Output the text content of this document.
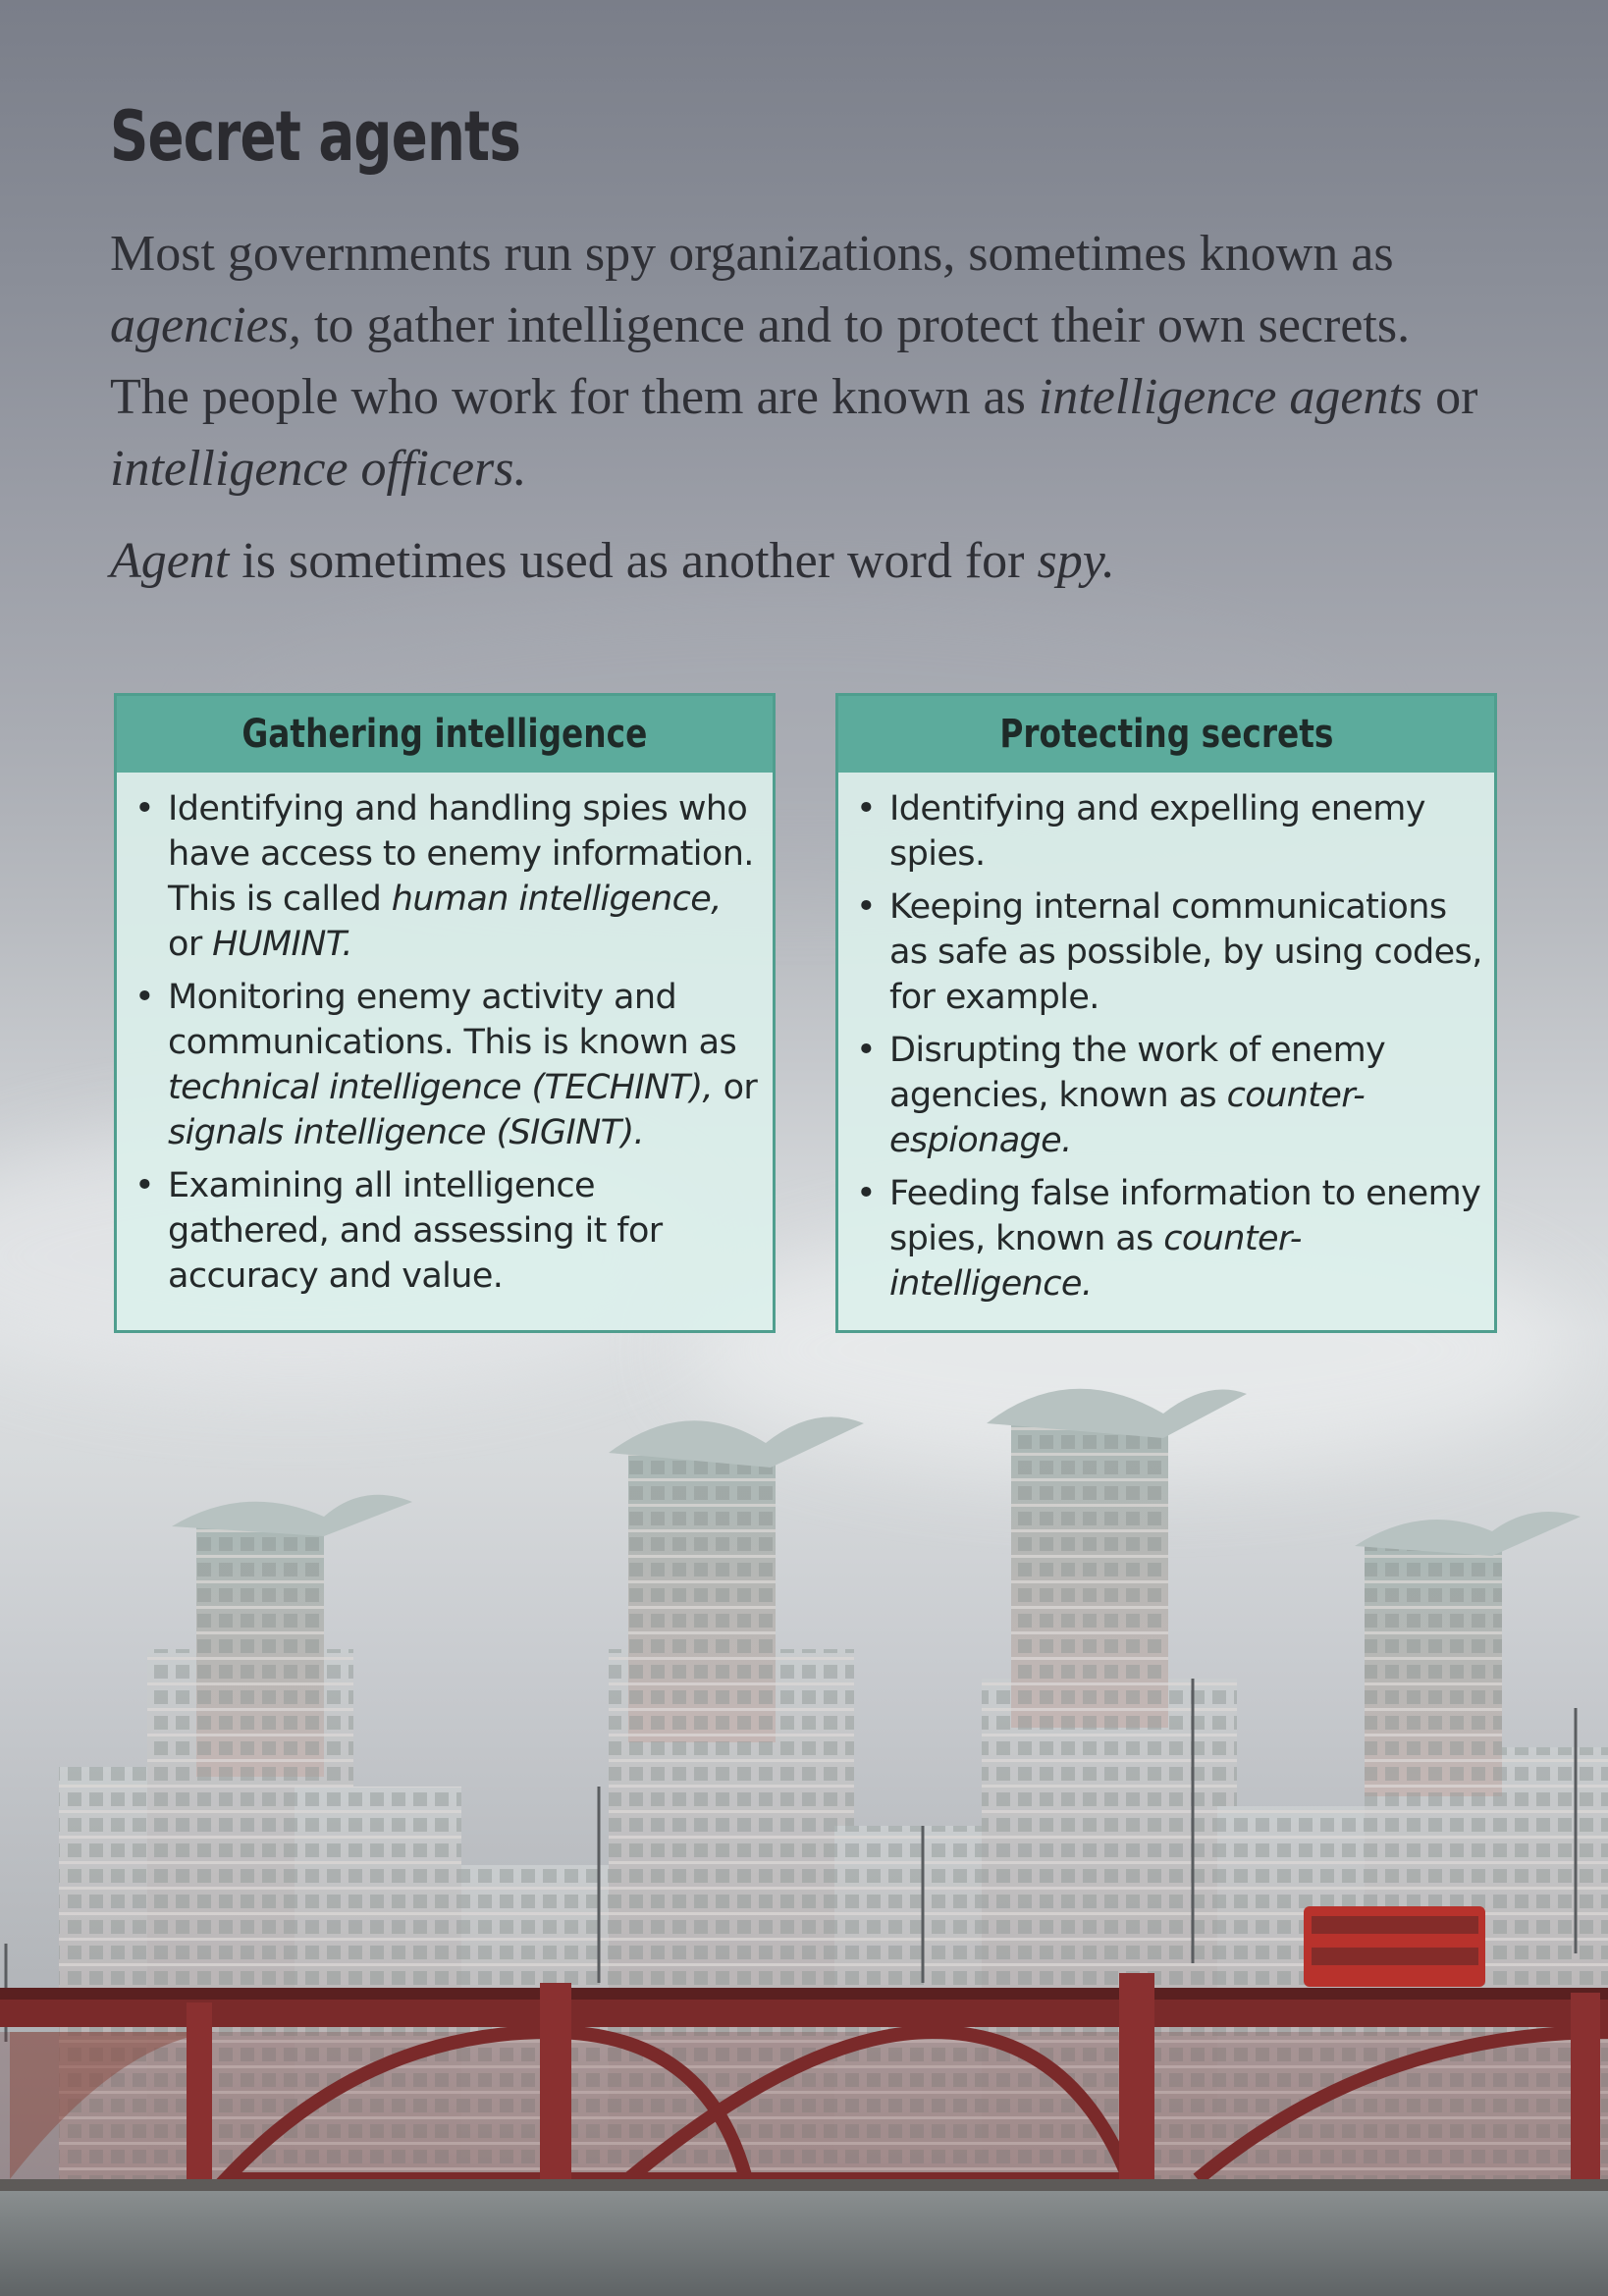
Secret agents

Most governments run spy organizations, sometimes known as agencies, to gather intelligence and to protect their own secrets. The people who work for them are known as intelligence agents or intelligence officers.

Agent is sometimes used as another word for spy.

Gathering intelligence
• Identifying and handling spies who have access to enemy information. This is called human intelligence, or HUMINT.
• Monitoring enemy activity and communications. This is known as technical intelligence (TECHINT), or signals intelligence (SIGINT).
• Examining all intelligence gathered, and assessing it for accuracy and value.
Protecting secrets
• Identifying and expelling enemy spies.
• Keeping internal communications as safe as possible, by using codes, for example.
• Disrupting the work of enemy agencies, known as counter-espionage.
• Feeding false information to enemy spies, known as counter-intelligence.
